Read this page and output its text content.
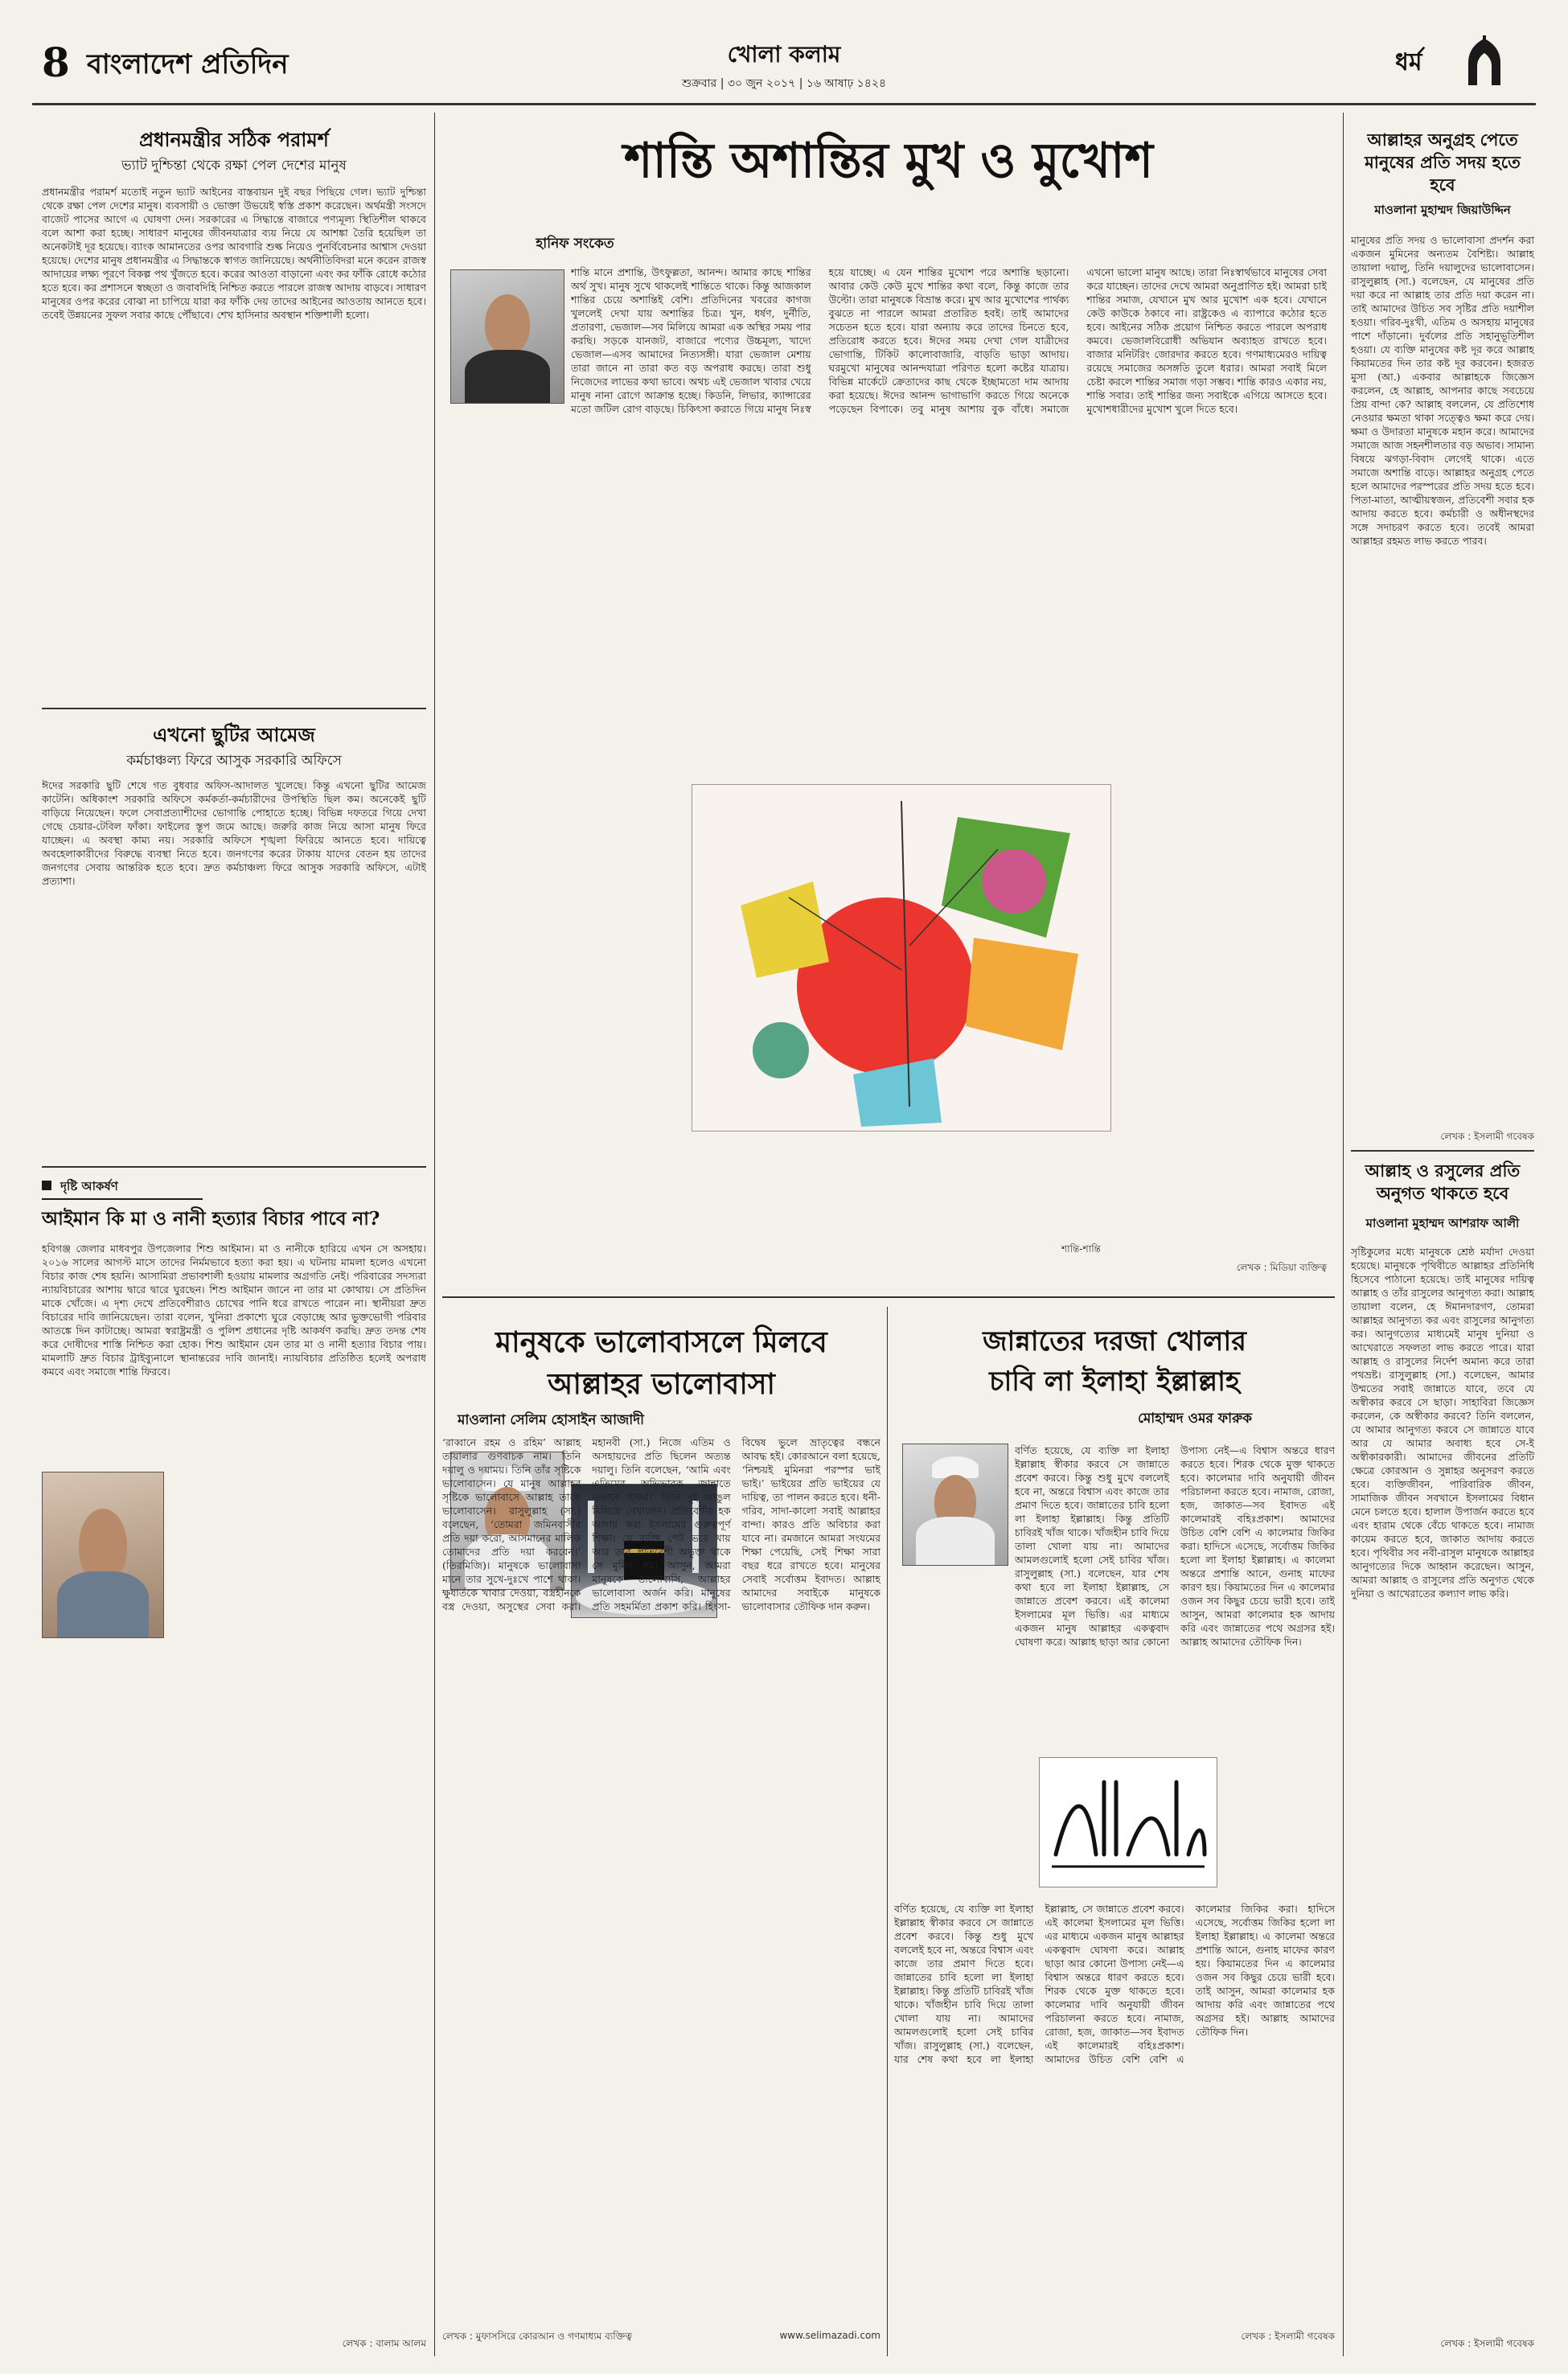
8 বাংলাদেশ প্রতিদিন	খোলা কলাম
শুক্রবার | ৩০ জুন ২০১৭ | ১৬ আষাঢ় ১৪২৪
ধর্ম
প্রধানমন্ত্রীর সঠিক পরামর্শ
ভ্যাট দুশ্চিন্তা থেকে রক্ষা পেল দেশের মানুষ
প্রধানমন্ত্রীর পরামর্শ মতোই নতুন ভ্যাট আইনের বাস্তবায়ন দুই বছর পিছিয়ে গেল। ভ্যাট দুশ্চিন্তা থেকে রক্ষা পেল দেশের মানুষ। ব্যবসায়ী ও ভোক্তা উভয়েই স্বস্তি প্রকাশ করেছেন। অর্থমন্ত্রী সংসদে বাজেট পাসের আগে এ ঘোষণা দেন। সরকারের এ সিদ্ধান্তে বাজারে পণ্যমূল্য স্থিতিশীল থাকবে বলে আশা করা হচ্ছে। সাধারণ মানুষের জীবনযাত্রার ব্যয় নিয়ে যে আশঙ্কা তৈরি হয়েছিল তা অনেকটাই দূর হয়েছে। ব্যাংক আমানতের ওপর আবগারি শুল্ক নিয়েও পুনর্বিবেচনার আশ্বাস দেওয়া হয়েছে। দেশের মানুষ প্রধানমন্ত্রীর এ সিদ্ধান্তকে স্বাগত জানিয়েছে। অর্থনীতিবিদরা মনে করেন রাজস্ব আদায়ের লক্ষ্য পূরণে বিকল্প পথ খুঁজতে হবে। করের আওতা বাড়ানো এবং কর ফাঁকি রোধে কঠোর হতে হবে। কর প্রশাসনে স্বচ্ছতা ও জবাবদিহি নিশ্চিত করতে পারলে রাজস্ব আদায় বাড়বে। সাধারণ মানুষের ওপর করের বোঝা না চাপিয়ে যারা কর ফাঁকি দেয় তাদের আইনের আওতায় আনতে হবে। তবেই উন্নয়নের সুফল সবার কাছে পৌঁছাবে। শেখ হাসিনার অবস্থান শক্তিশালী হলো।
এখনো ছুটির আমেজ
কর্মচাঞ্চল্য ফিরে আসুক সরকারি অফিসে
ঈদের সরকারি ছুটি শেষে গত বুধবার অফিস-আদালত খুলেছে। কিন্তু এখনো ছুটির আমেজ কাটেনি। অধিকাংশ সরকারি অফিসে কর্মকর্তা-কর্মচারীদের উপস্থিতি ছিল কম। অনেকেই ছুটি বাড়িয়ে নিয়েছেন। ফলে সেবাপ্রত্যাশীদের ভোগান্তি পোহাতে হচ্ছে। বিভিন্ন দফতরে গিয়ে দেখা গেছে চেয়ার-টেবিল ফাঁকা। ফাইলের স্তূপ জমে আছে। জরুরি কাজ নিয়ে আসা মানুষ ফিরে যাচ্ছেন। এ অবস্থা কাম্য নয়। সরকারি অফিসে শৃঙ্খলা ফিরিয়ে আনতে হবে। দায়িত্বে অবহেলাকারীদের বিরুদ্ধে ব্যবস্থা নিতে হবে। জনগণের করের টাকায় যাদের বেতন হয় তাদের জনগণের সেবায় আন্তরিক হতে হবে। দ্রুত কর্মচাঞ্চল্য ফিরে আসুক সরকারি অফিসে, এটাই প্রত্যাশা।
দৃষ্টি আকর্ষণ
আইমান কি মা ও নানী হত্যার বিচার পাবে না?
হবিগঞ্জ জেলার মাধবপুর উপজেলার শিশু আইমান। মা ও নানীকে হারিয়ে এখন সে অসহায়। ২০১৬ সালের আগস্ট মাসে তাদের নির্মমভাবে হত্যা করা হয়। এ ঘটনায় মামলা হলেও এখনো বিচার কাজ শেষ হয়নি। আসামিরা প্রভাবশালী হওয়ায় মামলার অগ্রগতি নেই। পরিবারের সদস্যরা ন্যায়বিচারের আশায় দ্বারে দ্বারে ঘুরছেন। শিশু আইমান জানে না তার মা কোথায়। সে প্রতিদিন মাকে খোঁজে। এ দৃশ্য দেখে প্রতিবেশীরাও চোখের পানি ধরে রাখতে পারেন না। স্থানীয়রা দ্রুত বিচারের দাবি জানিয়েছেন। তারা বলেন, খুনিরা প্রকাশ্যে ঘুরে বেড়াচ্ছে আর ভুক্তভোগী পরিবার আতঙ্কে দিন কাটাচ্ছে। আমরা স্বরাষ্ট্রমন্ত্রী ও পুলিশ প্রধানের দৃষ্টি আকর্ষণ করছি। দ্রুত তদন্ত শেষ করে দোষীদের শাস্তি নিশ্চিত করা হোক। শিশু আইমান যেন তার মা ও নানী হত্যার বিচার পায়। মামলাটি দ্রুত বিচার ট্রাইব্যুনালে স্থানান্তরের দাবি জানাই। ন্যায়বিচার প্রতিষ্ঠিত হলেই অপরাধ কমবে এবং সমাজে শান্তি ফিরবে।
লেখক : বালাম আলম
শান্তি অশান্তির মুখ ও মুখোশ
হানিফ সংকেত
শান্তি মানে প্রশান্তি, উৎফুল্লতা, আনন্দ। আমার কাছে শান্তির অর্থ সুখ। মানুষ সুখে থাকলেই শান্তিতে থাকে। কিন্তু আজকাল শান্তির চেয়ে অশান্তিই বেশি। প্রতিদিনের খবরের কাগজ খুললেই দেখা যায় অশান্তির চিত্র। খুন, ধর্ষণ, দুর্নীতি, প্রতারণা, ভেজাল—সব মিলিয়ে আমরা এক অস্থির সময় পার করছি। সড়কে যানজট, বাজারে পণ্যের উচ্চমূল্য, খাদ্যে ভেজাল—এসব আমাদের নিত্যসঙ্গী। যারা ভেজাল মেশায় তারা জানে না তারা কত বড় অপরাধ করছে। তারা শুধু নিজেদের লাভের কথা ভাবে। অথচ এই ভেজাল খাবার খেয়ে মানুষ নানা রোগে আক্রান্ত হচ্ছে। কিডনি, লিভার, ক্যান্সারের মতো জটিল রোগ বাড়ছে। চিকিৎসা করাতে গিয়ে মানুষ নিঃস্ব হয়ে যাচ্ছে। এ যেন শান্তির মুখোশ পরে অশান্তি ছড়ানো। আবার কেউ কেউ মুখে শান্তির কথা বলে, কিন্তু কাজে তার উল্টো। তারা মানুষকে বিভ্রান্ত করে। মুখ আর মুখোশের পার্থক্য বুঝতে না পারলে আমরা প্রতারিত হবই। তাই আমাদের সচেতন হতে হবে। যারা অন্যায় করে তাদের চিনতে হবে, প্রতিরোধ করতে হবে। ঈদের সময় দেখা গেল যাত্রীদের ভোগান্তি, টিকিট কালোবাজারি, বাড়তি ভাড়া আদায়। ঘরমুখো মানুষের আনন্দযাত্রা পরিণত হলো কষ্টের যাত্রায়। বিভিন্ন মার্কেটে ক্রেতাদের কাছ থেকে ইচ্ছামতো দাম আদায় করা হয়েছে। ঈদের আনন্দ ভাগাভাগি করতে গিয়ে অনেকে পড়েছেন বিপাকে। তবু মানুষ আশায় বুক বাঁধে। সমাজে এখনো ভালো মানুষ আছে। তারা নিঃস্বার্থভাবে মানুষের সেবা করে যাচ্ছেন। তাদের দেখে আমরা অনুপ্রাণিত হই। আমরা চাই শান্তির সমাজ, যেখানে মুখ আর মুখোশ এক হবে। যেখানে কেউ কাউকে ঠকাবে না। রাষ্ট্রকেও এ ব্যাপারে কঠোর হতে হবে। আইনের সঠিক প্রয়োগ নিশ্চিত করতে পারলে অপরাধ কমবে। ভেজালবিরোধী অভিযান অব্যাহত রাখতে হবে। বাজার মনিটরিং জোরদার করতে হবে। গণমাধ্যমেরও দায়িত্ব রয়েছে সমাজের অসঙ্গতি তুলে ধরার। আমরা সবাই মিলে চেষ্টা করলে শান্তির সমাজ গড়া সম্ভব। শান্তি কারও একার নয়, শান্তি সবার। তাই শান্তির জন্য সবাইকে এগিয়ে আসতে হবে। মুখোশধারীদের মুখোশ খুলে দিতে হবে।
শান্তি-শান্তি
লেখক : মিডিয়া ব্যক্তিত্ব
মানুষকে ভালোবাসলে মিলবে
আল্লাহর ভালোবাসা
মাওলানা সেলিম হোসাইন আজাদী
‘রাব্বানে রহম ও রহিম’ আল্লাহ তায়ালার গুণবাচক নাম। তিনি দয়ালু ও দয়াময়। তিনি তাঁর সৃষ্টিকে ভালোবাসেন। যে মানুষ আল্লাহর সৃষ্টিকে ভালোবাসে আল্লাহ তাকে ভালোবাসেন। রাসুলুল্লাহ (সা.) বলেছেন, ‘তোমরা জমিনবাসীর প্রতি দয়া করো, আসমানের মালিক তোমাদের প্রতি দয়া করবেন।’ (তিরমিজি)। মানুষকে ভালোবাসা মানে তার সুখে-দুঃখে পাশে থাকা। ক্ষুধার্তকে খাবার দেওয়া, বস্ত্রহীনকে বস্ত্র দেওয়া, অসুস্থের সেবা করা। মহানবী (সা.) নিজে এতিম ও অসহায়দের প্রতি ছিলেন অত্যন্ত দয়ালু। তিনি বলেছেন, ‘আমি এবং এতিমের অভিভাবক জান্নাতে এভাবে থাকব।’ তিনি দুই আঙুল মিলিয়ে দেখালেন। প্রতিবেশীর হক আদায় করা ইসলামের গুরুত্বপূর্ণ শিক্ষা। যে ব্যক্তি পেট ভরে খায় আর তার প্রতিবেশী অভুক্ত থাকে সে মুমিন নয়। আসুন, আমরা মানুষকে ভালোবাসি, আল্লাহর ভালোবাসা অর্জন করি। মানুষের প্রতি সহমর্মিতা প্রকাশ করি। হিংসা-বিদ্বেষ ভুলে ভ্রাতৃত্বের বন্ধনে আবদ্ধ হই। কোরআনে বলা হয়েছে, ‘নিশ্চয়ই মুমিনরা পরস্পর ভাই ভাই।’ ভাইয়ের প্রতি ভাইয়ের যে দায়িত্ব, তা পালন করতে হবে। ধনী-গরিব, সাদা-কালো সবাই আল্লাহর বান্দা। কারও প্রতি অবিচার করা যাবে না। রমজানে আমরা সংযমের শিক্ষা পেয়েছি, সেই শিক্ষা সারা বছর ধরে রাখতে হবে। মানুষের সেবাই সর্বোত্তম ইবাদত। আল্লাহ আমাদের সবাইকে মানুষকে ভালোবাসার তৌফিক দান করুন।
লেখক : মুফাসসিরে কোরআন ও গণমাধ্যম ব্যক্তিত্ব	www.selimazadi.com
জান্নাতের দরজা খোলার
চাবি লা ইলাহা ইল্লাল্লাহ
মোহাম্মদ ওমর ফারুক
বর্ণিত হয়েছে, যে ব্যক্তি লা ইলাহা ইল্লাল্লাহ স্বীকার করবে সে জান্নাতে প্রবেশ করবে। কিন্তু শুধু মুখে বললেই হবে না, অন্তরে বিশ্বাস এবং কাজে তার প্রমাণ দিতে হবে। জান্নাতের চাবি হলো লা ইলাহা ইল্লাল্লাহ। কিন্তু প্রতিটি চাবিরই খাঁজ থাকে। খাঁজহীন চাবি দিয়ে তালা খোলা যায় না। আমাদের আমলগুলোই হলো সেই চাবির খাঁজ। রাসুলুল্লাহ (সা.) বলেছেন, যার শেষ কথা হবে লা ইলাহা ইল্লাল্লাহ, সে জান্নাতে প্রবেশ করবে। এই কালেমা ইসলামের মূল ভিত্তি। এর মাধ্যমে একজন মানুষ আল্লাহর একত্ববাদ ঘোষণা করে। আল্লাহ ছাড়া আর কোনো উপাস্য নেই—এ বিশ্বাস অন্তরে ধারণ করতে হবে। শিরক থেকে মুক্ত থাকতে হবে। কালেমার দাবি অনুযায়ী জীবন পরিচালনা করতে হবে। নামাজ, রোজা, হজ, জাকাত—সব ইবাদত এই কালেমারই বহিঃপ্রকাশ। আমাদের উচিত বেশি বেশি এ কালেমার জিকির করা। হাদিসে এসেছে, সর্বোত্তম জিকির হলো লা ইলাহা ইল্লাল্লাহ। এ কালেমা অন্তরে প্রশান্তি আনে, গুনাহ মাফের কারণ হয়। কিয়ামতের দিন এ কালেমার ওজন সব কিছুর চেয়ে ভারী হবে। তাই আসুন, আমরা কালেমার হক আদায় করি এবং জান্নাতের পথে অগ্রসর হই। আল্লাহ আমাদের তৌফিক দিন।
বর্ণিত হয়েছে, যে ব্যক্তি লা ইলাহা ইল্লাল্লাহ স্বীকার করবে সে জান্নাতে প্রবেশ করবে। কিন্তু শুধু মুখে বললেই হবে না, অন্তরে বিশ্বাস এবং কাজে তার প্রমাণ দিতে হবে। জান্নাতের চাবি হলো লা ইলাহা ইল্লাল্লাহ। কিন্তু প্রতিটি চাবিরই খাঁজ থাকে। খাঁজহীন চাবি দিয়ে তালা খোলা যায় না। আমাদের আমলগুলোই হলো সেই চাবির খাঁজ। রাসুলুল্লাহ (সা.) বলেছেন, যার শেষ কথা হবে লা ইলাহা ইল্লাল্লাহ, সে জান্নাতে প্রবেশ করবে। এই কালেমা ইসলামের মূল ভিত্তি। এর মাধ্যমে একজন মানুষ আল্লাহর একত্ববাদ ঘোষণা করে। আল্লাহ ছাড়া আর কোনো উপাস্য নেই—এ বিশ্বাস অন্তরে ধারণ করতে হবে। শিরক থেকে মুক্ত থাকতে হবে। কালেমার দাবি অনুযায়ী জীবন পরিচালনা করতে হবে। নামাজ, রোজা, হজ, জাকাত—সব ইবাদত এই কালেমারই বহিঃপ্রকাশ। আমাদের উচিত বেশি বেশি এ কালেমার জিকির করা। হাদিসে এসেছে, সর্বোত্তম জিকির হলো লা ইলাহা ইল্লাল্লাহ। এ কালেমা অন্তরে প্রশান্তি আনে, গুনাহ মাফের কারণ হয়। কিয়ামতের দিন এ কালেমার ওজন সব কিছুর চেয়ে ভারী হবে। তাই আসুন, আমরা কালেমার হক আদায় করি এবং জান্নাতের পথে অগ্রসর হই। আল্লাহ আমাদের তৌফিক দিন।
লেখক : ইসলামী গবেষক
আল্লাহর অনুগ্রহ পেতে মানুষের প্রতি সদয় হতে হবে
মাওলানা মুহাম্মদ জিয়াউদ্দিন
মানুষের প্রতি সদয় ও ভালোবাসা প্রদর্শন করা একজন মুমিনের অন্যতম বৈশিষ্ট্য। আল্লাহ তায়ালা দয়ালু, তিনি দয়ালুদের ভালোবাসেন। রাসুলুল্লাহ (সা.) বলেছেন, যে মানুষের প্রতি দয়া করে না আল্লাহ তার প্রতি দয়া করেন না। তাই আমাদের উচিত সব সৃষ্টির প্রতি দয়াশীল হওয়া। গরিব-দুঃখী, এতিম ও অসহায় মানুষের পাশে দাঁড়ানো। দুর্বলের প্রতি সহানুভূতিশীল হওয়া। যে ব্যক্তি মানুষের কষ্ট দূর করে আল্লাহ কিয়ামতের দিন তার কষ্ট দূর করবেন। হজরত মুসা (আ.) একবার আল্লাহকে জিজ্ঞেস করলেন, হে আল্লাহ, আপনার কাছে সবচেয়ে প্রিয় বান্দা কে? আল্লাহ বললেন, যে প্রতিশোধ নেওয়ার ক্ষমতা থাকা সত্ত্বেও ক্ষমা করে দেয়। ক্ষমা ও উদারতা মানুষকে মহান করে। আমাদের সমাজে আজ সহনশীলতার বড় অভাব। সামান্য বিষয়ে ঝগড়া-বিবাদ লেগেই থাকে। এতে সমাজে অশান্তি বাড়ে। আল্লাহর অনুগ্রহ পেতে হলে আমাদের পরস্পরের প্রতি সদয় হতে হবে। পিতা-মাতা, আত্মীয়স্বজন, প্রতিবেশী সবার হক আদায় করতে হবে। কর্মচারী ও অধীনস্থদের সঙ্গে সদাচরণ করতে হবে। তবেই আমরা আল্লাহর রহমত লাভ করতে পারব।
লেখক : ইসলামী গবেষক
আল্লাহ ও রসুলের প্রতি অনুগত থাকতে হবে
মাওলানা মুহাম্মদ আশরাফ আলী
সৃষ্টিকুলের মধ্যে মানুষকে শ্রেষ্ঠ মর্যাদা দেওয়া হয়েছে। মানুষকে পৃথিবীতে আল্লাহর প্রতিনিধি হিসেবে পাঠানো হয়েছে। তাই মানুষের দায়িত্ব আল্লাহ ও তাঁর রাসুলের আনুগত্য করা। আল্লাহ তায়ালা বলেন, হে ঈমানদারগণ, তোমরা আল্লাহর আনুগত্য কর এবং রাসুলের আনুগত্য কর। আনুগত্যের মাধ্যমেই মানুষ দুনিয়া ও আখেরাতে সফলতা লাভ করতে পারে। যারা আল্লাহ ও রাসুলের নির্দেশ অমান্য করে তারা পথভ্রষ্ট। রাসুলুল্লাহ (সা.) বলেছেন, আমার উম্মতের সবাই জান্নাতে যাবে, তবে যে অস্বীকার করবে সে ছাড়া। সাহাবিরা জিজ্ঞেস করলেন, কে অস্বীকার করবে? তিনি বললেন, যে আমার আনুগত্য করবে সে জান্নাতে যাবে আর যে আমার অবাধ্য হবে সে-ই অস্বীকারকারী। আমাদের জীবনের প্রতিটি ক্ষেত্রে কোরআন ও সুন্নাহর অনুসরণ করতে হবে। ব্যক্তিজীবন, পারিবারিক জীবন, সামাজিক জীবন সবখানে ইসলামের বিধান মেনে চলতে হবে। হালাল উপার্জন করতে হবে এবং হারাম থেকে বেঁচে থাকতে হবে। নামাজ কায়েম করতে হবে, জাকাত আদায় করতে হবে। পৃথিবীর সব নবী-রাসুল মানুষকে আল্লাহর আনুগত্যের দিকে আহ্বান করেছেন। আসুন, আমরা আল্লাহ ও রাসুলের প্রতি অনুগত থেকে দুনিয়া ও আখেরাতের কল্যাণ লাভ করি।
লেখক : ইসলামী গবেষক
